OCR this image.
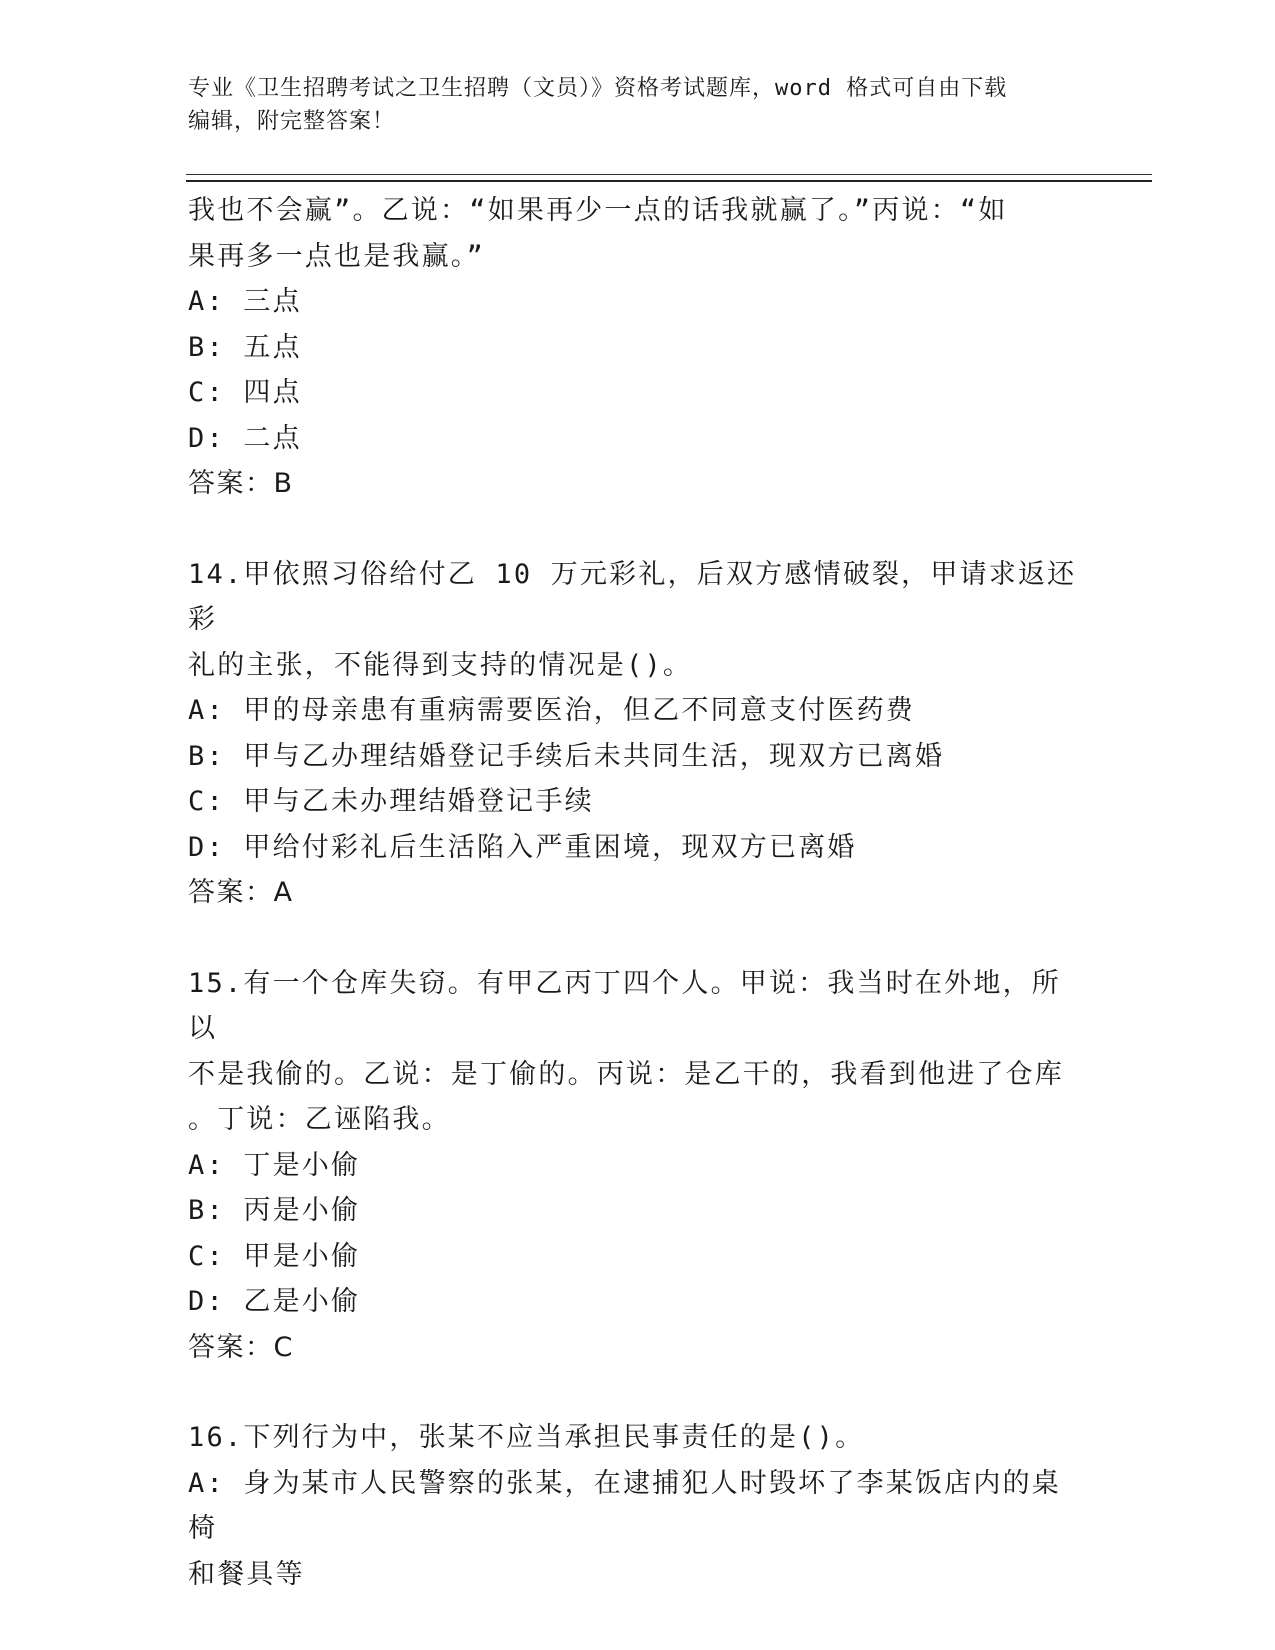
专业《卫生招聘考试之卫生招聘（文员）》资格考试题库，word 格式可自由下载
编辑，附完整答案！

我也不会赢”。乙说：“如果再少一点的话我就赢了。”丙说：“如

果再多一点也是我赢。”

A: 三点

B: 五点

C: 四点

D: 二点

答案：B

14.甲依照习俗给付乙 10 万元彩礼，后双方感情破裂，甲请求返还彩

礼的主张，不能得到支持的情况是()。

A: 甲的母亲患有重病需要医治，但乙不同意支付医药费

B: 甲与乙办理结婚登记手续后未共同生活，现双方已离婚

C: 甲与乙未办理结婚登记手续

D: 甲给付彩礼后生活陷入严重困境，现双方已离婚

答案：A

15.有一个仓库失窃。有甲乙丙丁四个人。甲说：我当时在外地，所以

不是我偷的。乙说：是丁偷的。丙说：是乙干的，我看到他进了仓库

。丁说：乙诬陷我。

A: 丁是小偷

B: 丙是小偷

C: 甲是小偷

D: 乙是小偷

答案：C

16.下列行为中，张某不应当承担民事责任的是()。

A: 身为某市人民警察的张某，在逮捕犯人时毁坏了李某饭店内的桌椅

和餐具等
